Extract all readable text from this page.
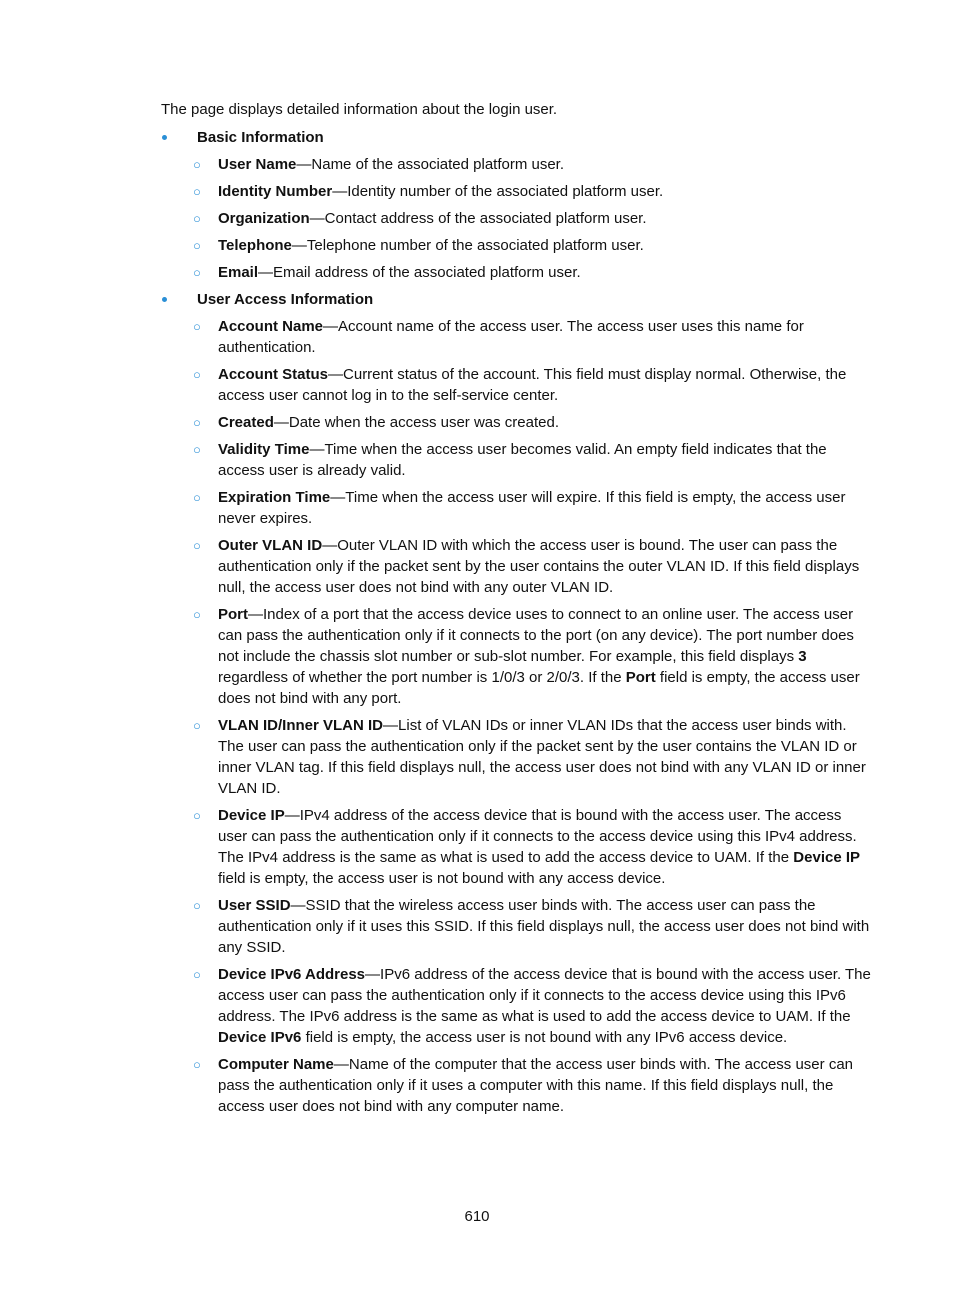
The page displays detailed information about the login user.

Basic Information
○ User Name—Name of the associated platform user.
○ Identity Number—Identity number of the associated platform user.
○ Organization—Contact address of the associated platform user.
○ Telephone—Telephone number of the associated platform user.
○ Email—Email address of the associated platform user.
User Access Information
○ Account Name—Account name of the access user. The access user uses this name for authentication.
○ Account Status—Current status of the account. This field must display normal. Otherwise, the access user cannot log in to the self-service center.
○ Created—Date when the access user was created.
○ Validity Time—Time when the access user becomes valid. An empty field indicates that the access user is already valid.
○ Expiration Time—Time when the access user will expire. If this field is empty, the access user never expires.
○ Outer VLAN ID—Outer VLAN ID with which the access user is bound. The user can pass the authentication only if the packet sent by the user contains the outer VLAN ID. If this field displays null, the access user does not bind with any outer VLAN ID.
○ Port—Index of a port that the access device uses to connect to an online user. The access user can pass the authentication only if it connects to the port (on any device). The port number does not include the chassis slot number or sub-slot number. For example, this field displays 3 regardless of whether the port number is 1/0/3 or 2/0/3. If the Port field is empty, the access user does not bind with any port.
○ VLAN ID/Inner VLAN ID—List of VLAN IDs or inner VLAN IDs that the access user binds with. The user can pass the authentication only if the packet sent by the user contains the VLAN ID or inner VLAN tag. If this field displays null, the access user does not bind with any VLAN ID or inner VLAN ID.
○ Device IP—IPv4 address of the access device that is bound with the access user. The access user can pass the authentication only if it connects to the access device using this IPv4 address. The IPv4 address is the same as what is used to add the access device to UAM. If the Device IP field is empty, the access user is not bound with any access device.
○ User SSID—SSID that the wireless access user binds with. The access user can pass the authentication only if it uses this SSID. If this field displays null, the access user does not bind with any SSID.
○ Device IPv6 Address—IPv6 address of the access device that is bound with the access user. The access user can pass the authentication only if it connects to the access device using this IPv6 address. The IPv6 address is the same as what is used to add the access device to UAM. If the Device IPv6 field is empty, the access user is not bound with any IPv6 access device.
○ Computer Name—Name of the computer that the access user binds with. The access user can pass the authentication only if it uses a computer with this name. If this field displays null, the access user does not bind with any computer name.
610
